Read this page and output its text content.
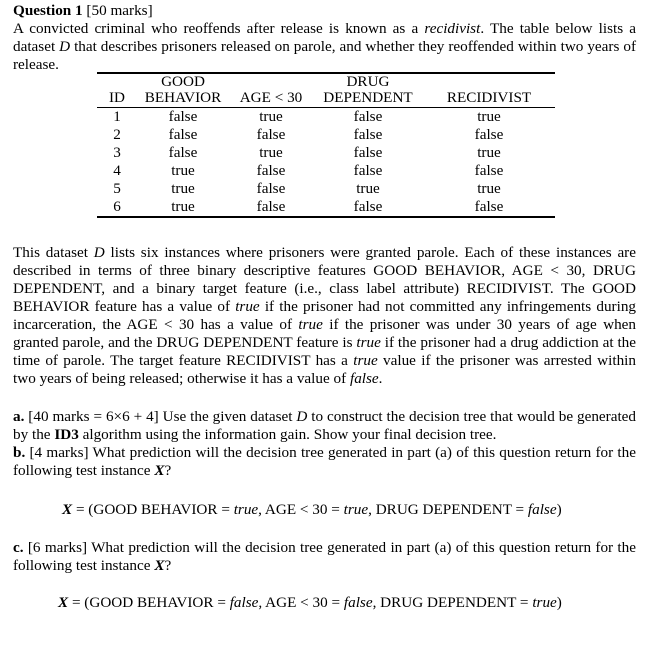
Question 1 [50 marks]
A convicted criminal who reoffends after release is known as a recidivist. The table below lists a dataset D that describes prisoners released on parole, and whether they reoffended within two years of release.

	GOOD		DRUG	
ID	BEHAVIOR	AGE < 30	DEPENDENT	RECIDIVIST
1	false	true	false	true
2	false	false	false	false
3	false	true	false	true
4	true	false	false	false
5	true	false	true	true
6	true	false	false	false
This dataset D lists six instances where prisoners were granted parole. Each of these instances are described in terms of three binary descriptive features GOOD BEHAVIOR, AGE < 30, DRUG DEPENDENT, and a binary target feature (i.e., class label attribute) RECIDIVIST. The GOOD BEHAVIOR feature has a value of true if the prisoner had not committed any infringements during incarceration, the AGE < 30 has a value of true if the prisoner was under 30 years of age when granted parole, and the DRUG DEPENDENT feature is true if the prisoner had a drug addiction at the time of parole. The target feature RECIDIVIST has a true value if the prisoner was arrested within two years of being released; otherwise it has a value of false.
a. [40 marks = 6×6 + 4] Use the given dataset D to construct the decision tree that would be generated by the ID3 algorithm using the information gain. Show your final decision tree.
b. [4 marks] What prediction will the decision tree generated in part (a) of this question return for the following test instance X?
X = (GOOD BEHAVIOR = true, AGE < 30 = true, DRUG DEPENDENT = false)
c. [6 marks] What prediction will the decision tree generated in part (a) of this question return for the following test instance X?
X = (GOOD BEHAVIOR = false, AGE < 30 = false, DRUG DEPENDENT = true)
